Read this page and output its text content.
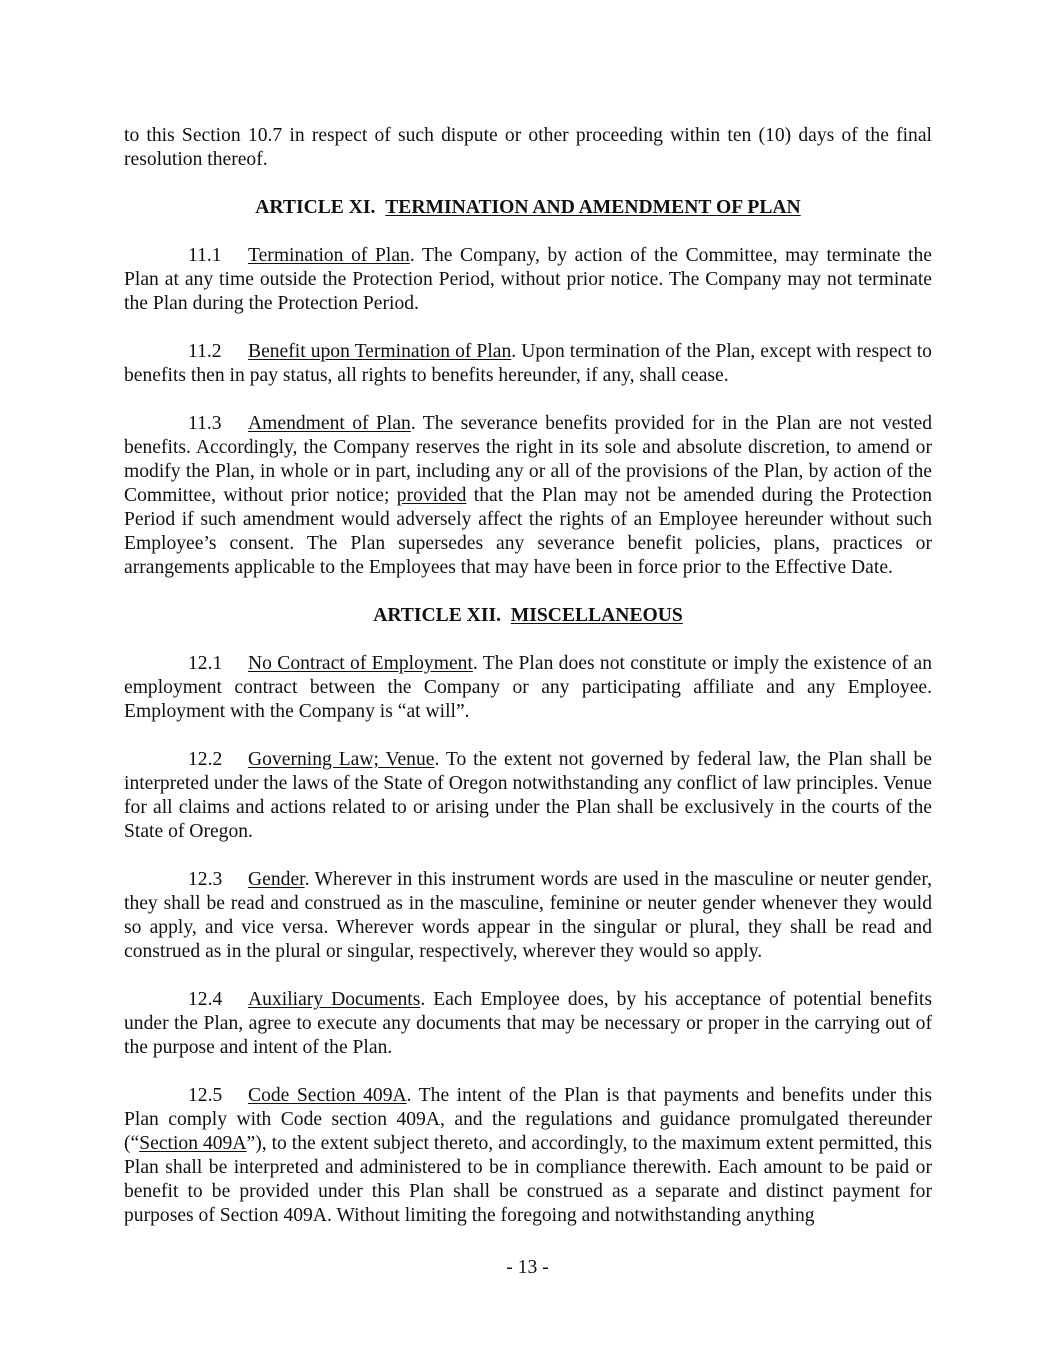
to this Section 10.7 in respect of such dispute or other proceeding within ten (10) days of the final resolution thereof.

ARTICLE XI. TERMINATION AND AMENDMENT OF PLAN

11.1 Termination of Plan. The Company, by action of the Committee, may terminate the Plan at any time outside the Protection Period, without prior notice. The Company may not terminate the Plan during the Protection Period.

11.2 Benefit upon Termination of Plan. Upon termination of the Plan, except with respect to benefits then in pay status, all rights to benefits hereunder, if any, shall cease.

11.3 Amendment of Plan. The severance benefits provided for in the Plan are not vested benefits. Accordingly, the Company reserves the right in its sole and absolute discretion, to amend or modify the Plan, in whole or in part, including any or all of the provisions of the Plan, by action of the Committee, without prior notice; provided that the Plan may not be amended during the Protection Period if such amendment would adversely affect the rights of an Employee hereunder without such Employee’s consent. The Plan supersedes any severance benefit policies, plans, practices or arrangements applicable to the Employees that may have been in force prior to the Effective Date.

ARTICLE XII. MISCELLANEOUS

12.1 No Contract of Employment. The Plan does not constitute or imply the existence of an employment contract between the Company or any participating affiliate and any Employee. Employment with the Company is “at will”.

12.2 Governing Law; Venue. To the extent not governed by federal law, the Plan shall be interpreted under the laws of the State of Oregon notwithstanding any conflict of law principles. Venue for all claims and actions related to or arising under the Plan shall be exclusively in the courts of the State of Oregon.

12.3 Gender. Wherever in this instrument words are used in the masculine or neuter gender, they shall be read and construed as in the masculine, feminine or neuter gender whenever they would so apply, and vice versa. Wherever words appear in the singular or plural, they shall be read and construed as in the plural or singular, respectively, wherever they would so apply.

12.4 Auxiliary Documents. Each Employee does, by his acceptance of potential benefits under the Plan, agree to execute any documents that may be necessary or proper in the carrying out of the purpose and intent of the Plan.

12.5 Code Section 409A. The intent of the Plan is that payments and benefits under this Plan comply with Code section 409A, and the regulations and guidance promulgated thereunder (“Section 409A”), to the extent subject thereto, and accordingly, to the maximum extent permitted, this Plan shall be interpreted and administered to be in compliance therewith. Each amount to be paid or benefit to be provided under this Plan shall be construed as a separate and distinct payment for purposes of Section 409A. Without limiting the foregoing and notwithstanding anything

- 13 -
